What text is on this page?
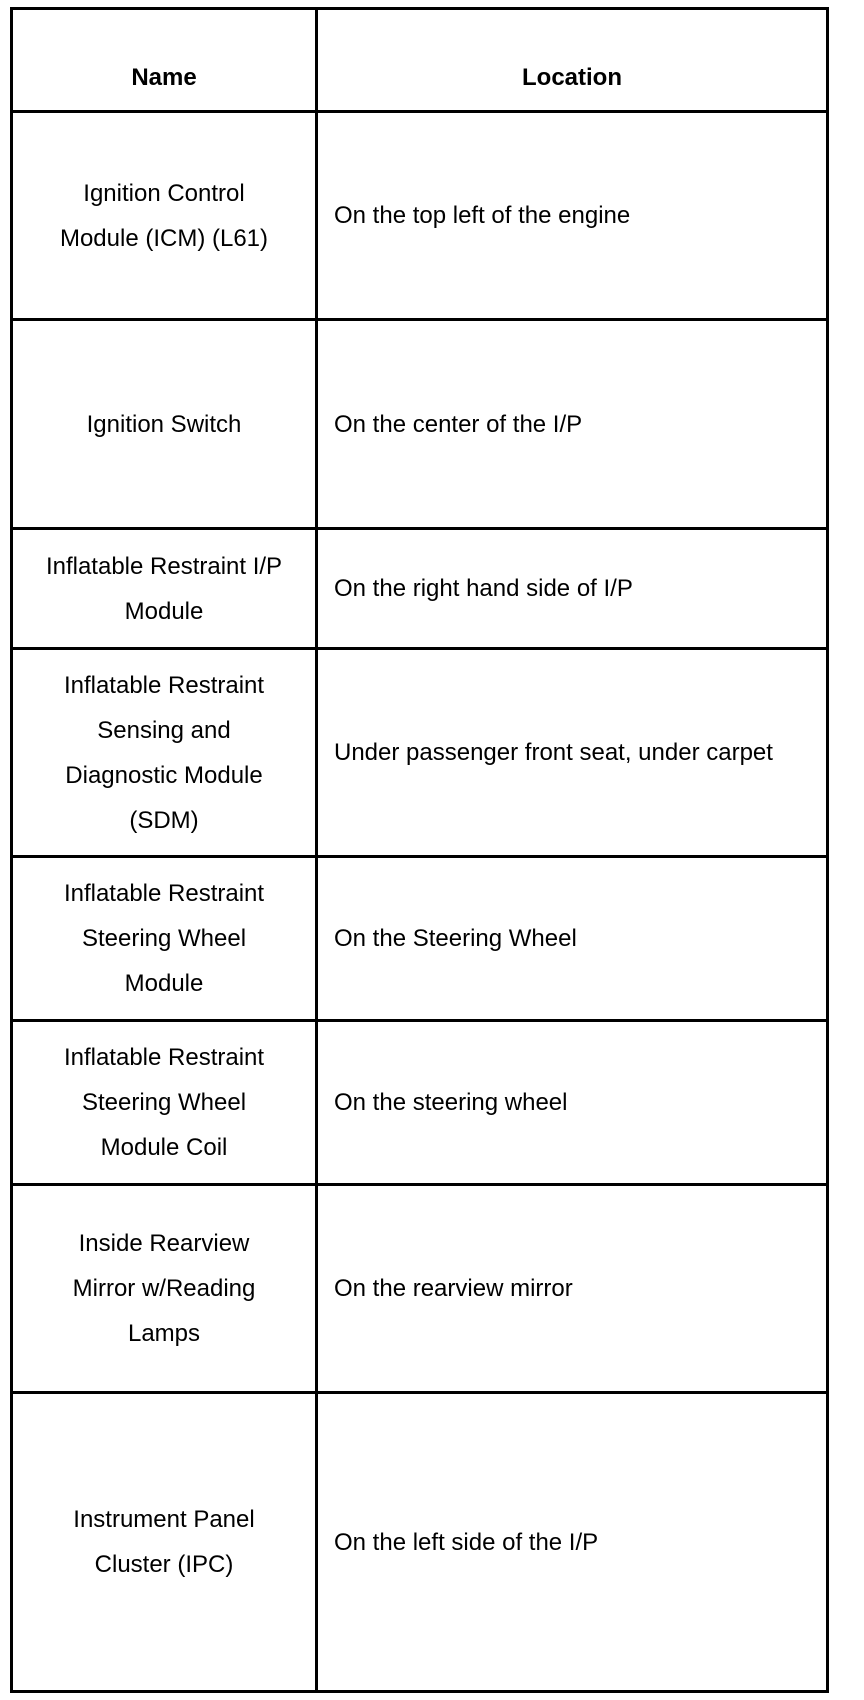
Name	Location
Ignition Control Module (ICM) (L61)	On the top left of the engine
Ignition Switch	On the center of the I/P
Inflatable Restraint I/P Module	On the right hand side of I/P
Inflatable Restraint Sensing and Diagnostic Module (SDM)	Under passenger front seat, under carpet
Inflatable Restraint Steering Wheel Module	On the Steering Wheel
Inflatable Restraint Steering Wheel Module Coil	On the steering wheel
Inside Rearview Mirror w/Reading Lamps	On the rearview mirror
Instrument Panel Cluster (IPC)	On the left side of the I/P
